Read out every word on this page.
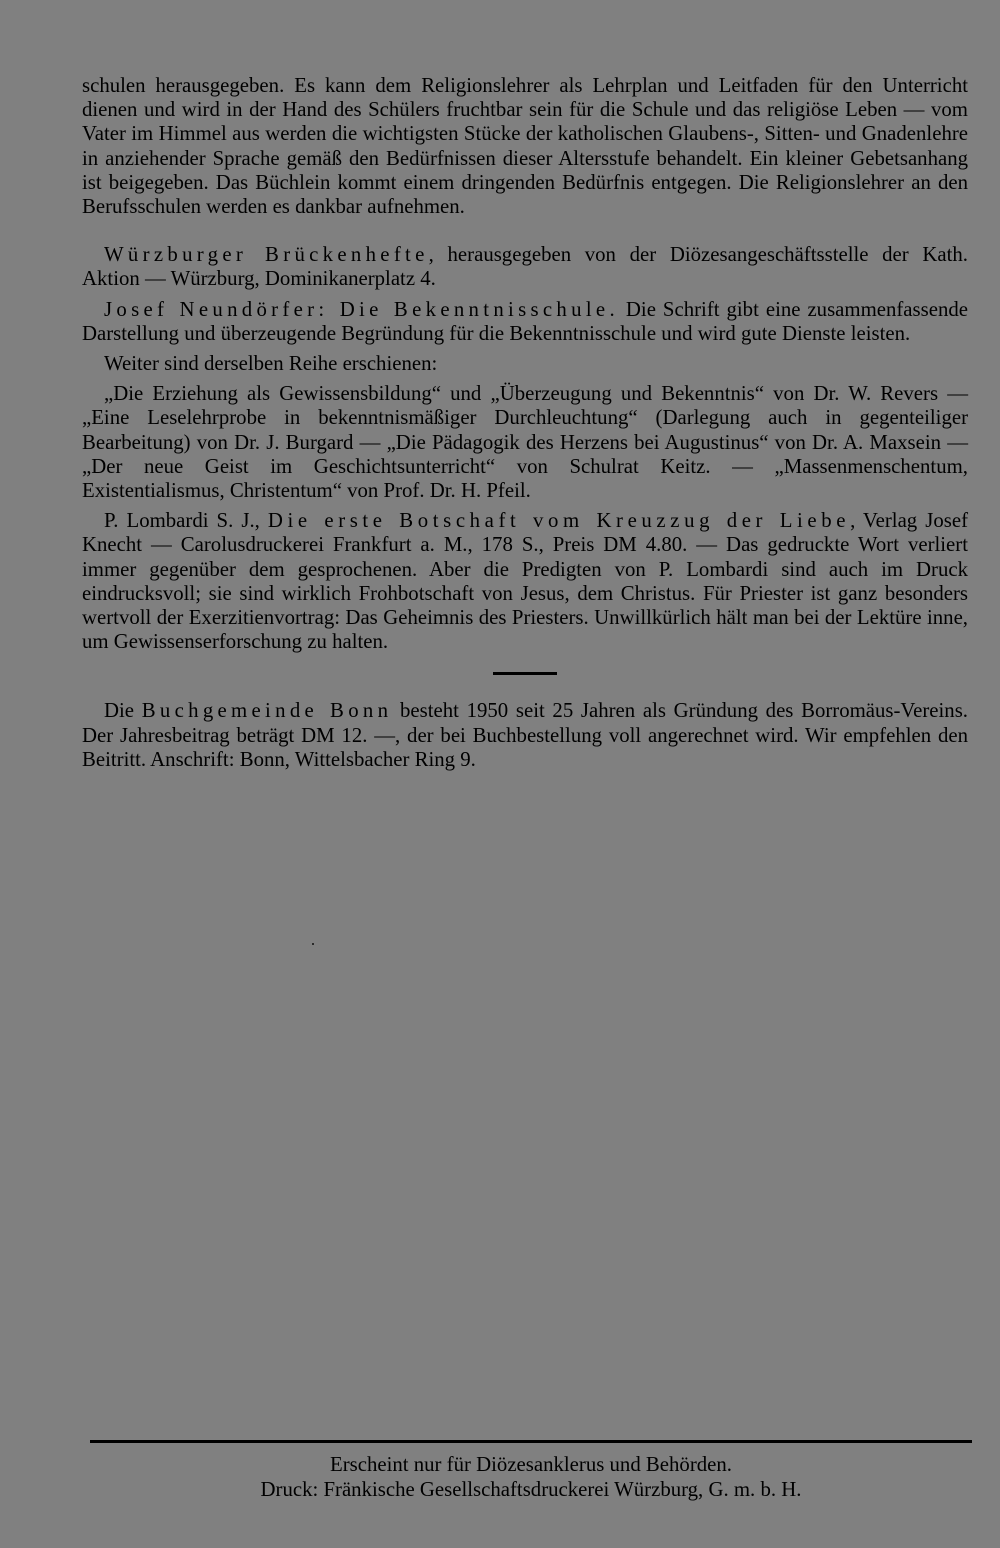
schulen herausgegeben. Es kann dem Religionslehrer als Lehrplan und Leitfaden für den Unterricht dienen und wird in der Hand des Schülers fruchtbar sein für die Schule und das religiöse Leben — vom Vater im Himmel aus werden die wichtigsten Stücke der katholischen Glaubens-, Sitten- und Gnadenlehre in anziehender Sprache gemäß den Bedürfnissen dieser Altersstufe behandelt. Ein kleiner Gebetsanhang ist beigegeben. Das Büchlein kommt einem dringenden Bedürfnis entgegen. Die Religionslehrer an den Berufsschulen werden es dankbar aufnehmen.

Würzburger Brückenhefte, herausgegeben von der Diözesangeschäftsstelle der Kath. Aktion — Würzburg, Dominikanerplatz 4.

Josef Neundörfer: Die Bekenntnisschule. Die Schrift gibt eine zusammenfassende Darstellung und überzeugende Begründung für die Bekenntnisschule und wird gute Dienste leisten.

Weiter sind derselben Reihe erschienen:

„Die Erziehung als Gewissensbildung“ und „Überzeugung und Bekenntnis“ von Dr. W. Revers — „Eine Leselehrprobe in bekenntnismäßiger Durchleuchtung“ (Darlegung auch in gegenteiliger Bearbeitung) von Dr. J. Burgard — „Die Pädagogik des Herzens bei Augustinus“ von Dr. A. Maxsein — „Der neue Geist im Geschichtsunterricht“ von Schulrat Keitz. — „Massenmenschentum, Existentialismus, Christentum“ von Prof. Dr. H. Pfeil.

P. Lombardi S. J., Die erste Botschaft vom Kreuzzug der Liebe, Verlag Josef Knecht — Carolusdruckerei Frankfurt a. M., 178 S., Preis DM 4.80. — Das gedruckte Wort verliert immer gegenüber dem gesprochenen. Aber die Predigten von P. Lombardi sind auch im Druck eindrucksvoll; sie sind wirklich Frohbotschaft von Jesus, dem Christus. Für Priester ist ganz besonders wertvoll der Exerzitienvortrag: Das Geheimnis des Priesters. Unwillkürlich hält man bei der Lektüre inne, um Gewissenserforschung zu halten.

Die Buchgemeinde Bonn besteht 1950 seit 25 Jahren als Gründung des Borromäus-Vereins. Der Jahresbeitrag beträgt DM 12. —, der bei Buchbestellung voll angerechnet wird. Wir empfehlen den Beitritt. Anschrift: Bonn, Wittelsbacher Ring 9.

Erscheint nur für Diözesanklerus und Behörden.
Druck: Fränkische Gesellschaftsdruckerei Würzburg, G. m. b. H.
